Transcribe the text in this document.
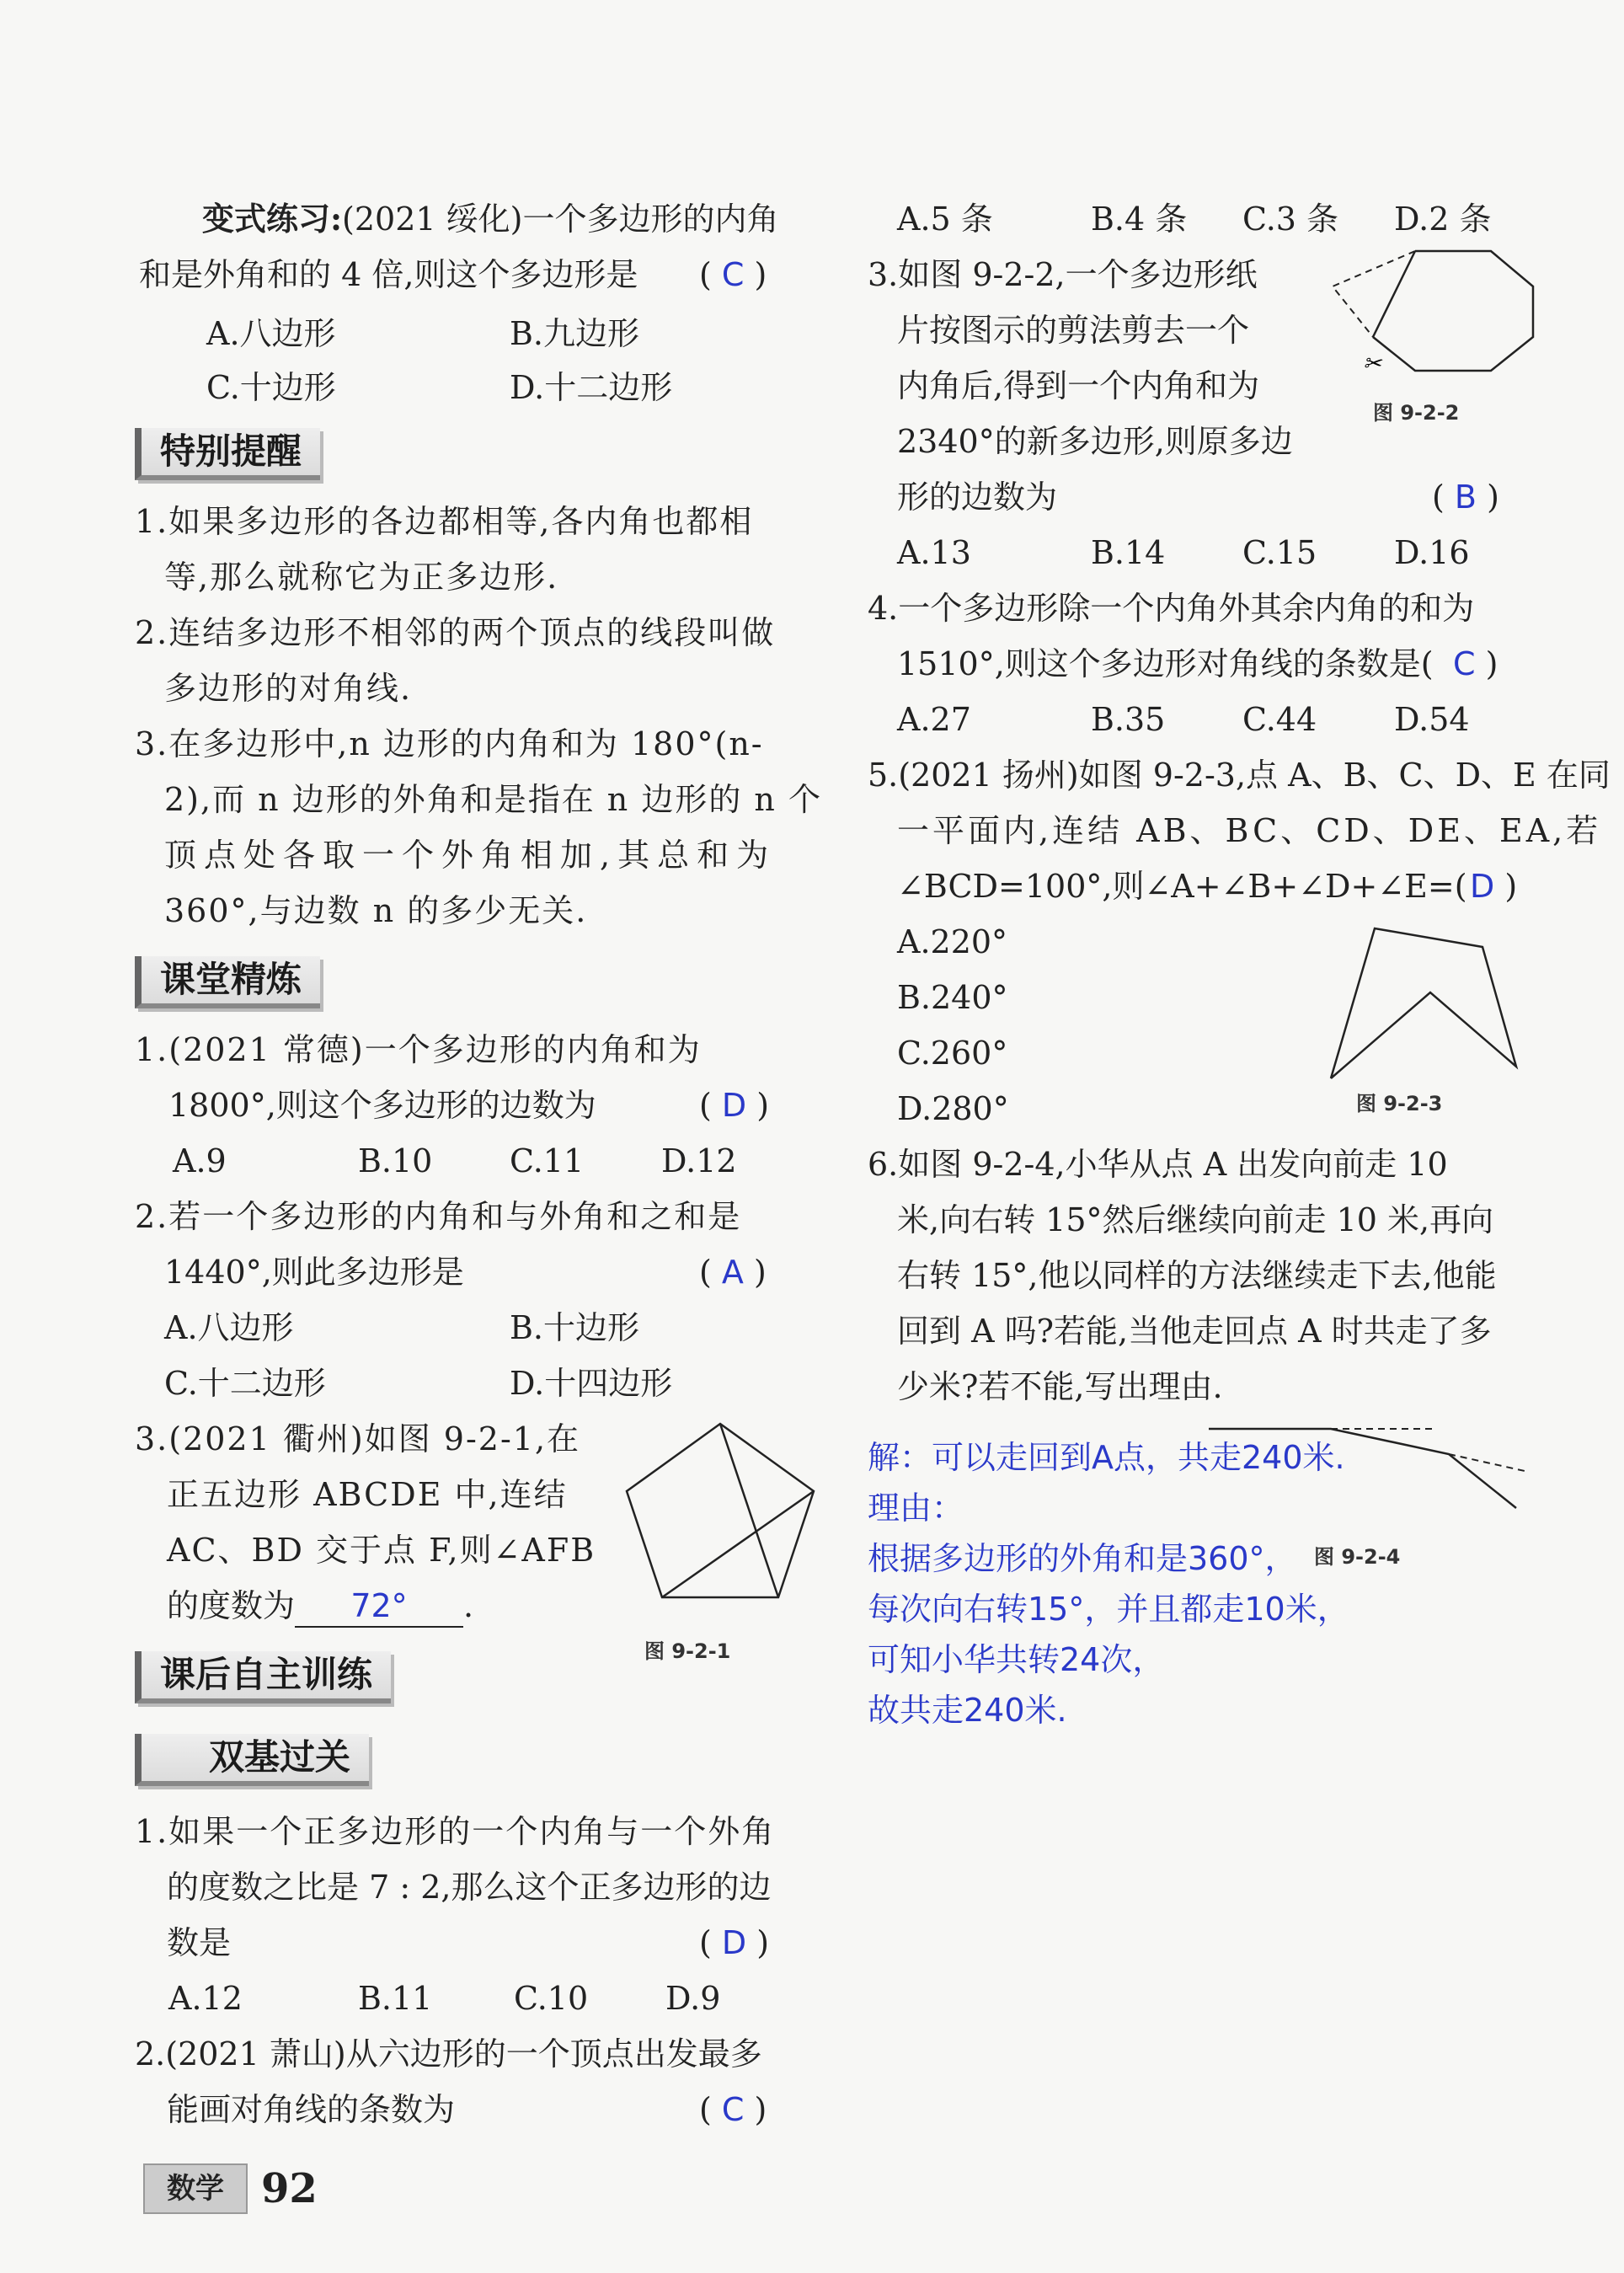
变式练习:(2021 绥化)一个多边形的内角
和是外角和的 4 倍,则这个多边形是 ( C )
A.八边形	B.九边形
C.十边形	D.十二边形
特别提醒
1.如果多边形的各边都相等,各内角也都相
等,那么就称它为正多边形.
2.连结多边形不相邻的两个顶点的线段叫做
多边形的对角线.
3.在多边形中,n 边形的内角和为 180°(n-
2),而 n 边形的外角和是指在 n 边形的 n 个
顶点处各取一个外角相加,其总和为
360°,与边数 n 的多少无关.
课堂精炼
1.(2021 常德)一个多边形的内角和为
1800°,则这个多边形的边数为	( D )
A.9	B.10 C.11 D.12
2.若一个多边形的内角和与外角和之和是
1440°,则此多边形是	( A )
A.八边形	B.十边形
C.十二边形	D.十四边形
3.(2021 衢州)如图 9-2-1,在
正五边形 ABCDE 中,连结
AC、BD 交于点 F,则∠AFB
的度数为 72° .
图 9-2-1
课后自主训练
双基过关
1.如果一个正多边形的一个内角与一个外角
的度数之比是 7 : 2,那么这个正多边形的边
数是	( D )
A.12	B.11	C.10 D.9
2.(2021 萧山)从六边形的一个顶点出发最多
能画对角线的条数为	( C )
数学 92
A.5 条	B.4 条 C.3 条 D.2 条
3.如图 9-2-2,一个多边形纸
片按图示的剪法剪去一个
内角后,得到一个内角和为
2340°的新多边形,则原多边
形的边数为	( B )
✂
图 9-2-2
A.13	B.14 C.15 D.16
4.一个多边形除一个内角外其余内角的和为
1510°,则这个多边形对角线的条数是( C )
A.27	B.35 C.44 D.54
5.(2021 扬州)如图 9-2-3,点 A、B、C、D、E 在同
一平面内,连结 AB、BC、CD、DE、EA,若
∠BCD=100°,则∠A+∠B+∠D+∠E=( D )
A.220°
B.240°
C.260°
D.280°	图 9-2-3
6.如图 9-2-4,小华从点 A 出发向前走 10
米,向右转 15°然后继续向前走 10 米,再向
右转 15°,他以同样的方法继续走下去,他能
回到 A 吗?若能,当他走回点 A 时共走了多
少米?若不能,写出理由.
图 9-2-4
解：可以走回到A点，共走240米.
理由：
根据多边形的外角和是360°，
每次向右转15°，并且都走10米，
可知小华共转24次，
故共走240米.
